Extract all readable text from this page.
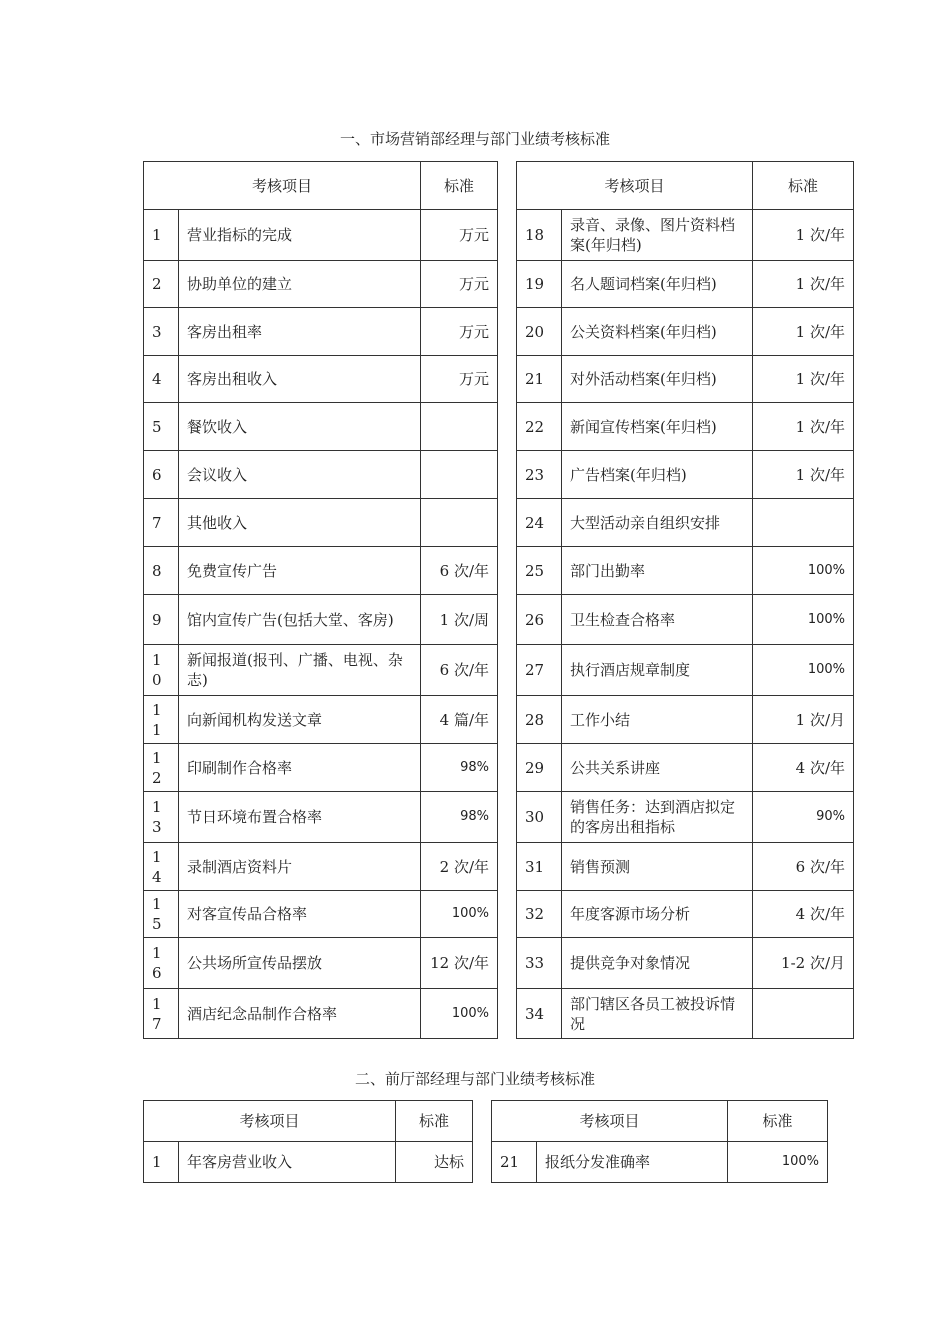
一、市场营销部经理与部门业绩考核标准
考核项目		标准		考核项目		标准
1	营业指标的完成	万元		18	录音、录像、图片资料档案(年归档)	1 次/年
2	协助单位的建立	万元		19	名人题词档案(年归档)	1 次/年
3	客房出租率	万元		20	公关资料档案(年归档)	1 次/年
4	客房出租收入	万元		21	对外活动档案(年归档)	1 次/年
5	餐饮收入			22	新闻宣传档案(年归档)	1 次/年
6	会议收入			23	广告档案(年归档)	1 次/年
7	其他收入			24	大型活动亲自组织安排	
8	免费宣传广告	6 次/年		25	部门出勤率	100%
9	馆内宣传广告(包括大堂、客房)	1 次/周		26	卫生检查合格率	100%
10	新闻报道(报刊、广播、电视、杂志)	6 次/年		27	执行酒店规章制度	100%
11	向新闻机构发送文章	4 篇/年		28	工作小结	1 次/月
12	印刷制作合格率	98%		29	公共关系讲座	4 次/年
13	节日环境布置合格率	98%		30	销售任务：达到酒店拟定的客房出租指标	90%
14	录制酒店资料片	2 次/年		31	销售预测	6 次/年
15	对客宣传品合格率	100%		32	年度客源市场分析	4 次/年
16	公共场所宣传品摆放	12 次/年		33	提供竞争对象情况	1-2 次/月
17	酒店纪念品制作合格率	100%		34	部门辖区各员工被投诉情况	
二、前厅部经理与部门业绩考核标准
考核项目		标准		考核项目		标准
1	年客房营业收入	达标		21	报纸分发准确率	100%
